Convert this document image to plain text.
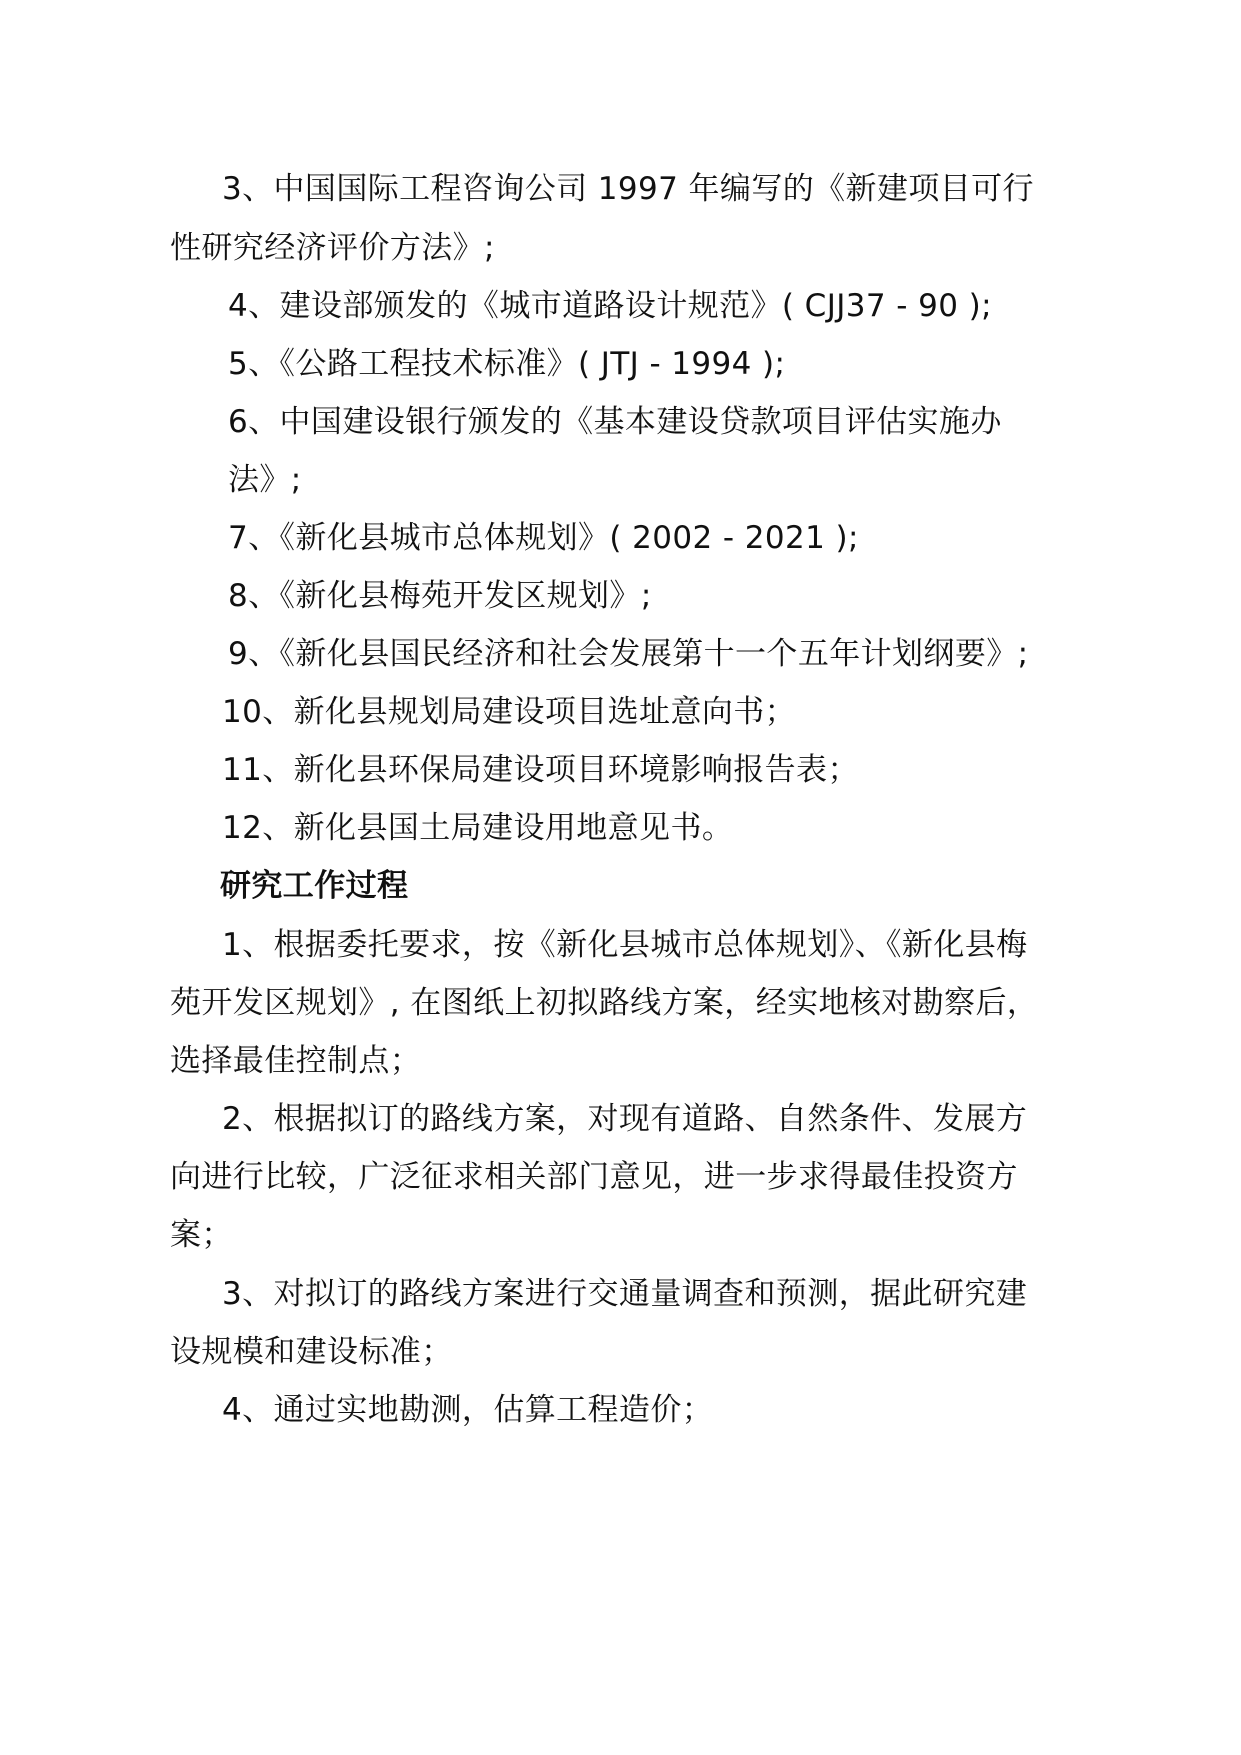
3、中国国际工程咨询公司 1997 年编写的《新建项目可行
性研究经济评价方法》;
4、建设部颁发的《城市道路设计规范》( CJJ37 - 90 );
5、《公路工程技术标准》( JTJ - 1994 );
6、中国建设银行颁发的《基本建设贷款项目评估实施办
法》;
7、《新化县城市总体规划》( 2002 - 2021 );
8、《新化县梅苑开发区规划》;
9、《新化县国民经济和社会发展第十一个五年计划纲要》;
10、新化县规划局建设项目选址意向书；
11、新化县环保局建设项目环境影响报告表；
12、新化县国土局建设用地意见书。
研究工作过程
1、根据委托要求，按《新化县城市总体规划》、《新化县梅
苑开发区规划》, 在图纸上初拟路线方案，经实地核对勘察后，
选择最佳控制点；
2、根据拟订的路线方案，对现有道路、自然条件、发展方
向进行比较，广泛征求相关部门意见，进一步求得最佳投资方
案；
3、对拟订的路线方案进行交通量调查和预测，据此研究建
设规模和建设标准；
4、通过实地勘测，估算工程造价；
